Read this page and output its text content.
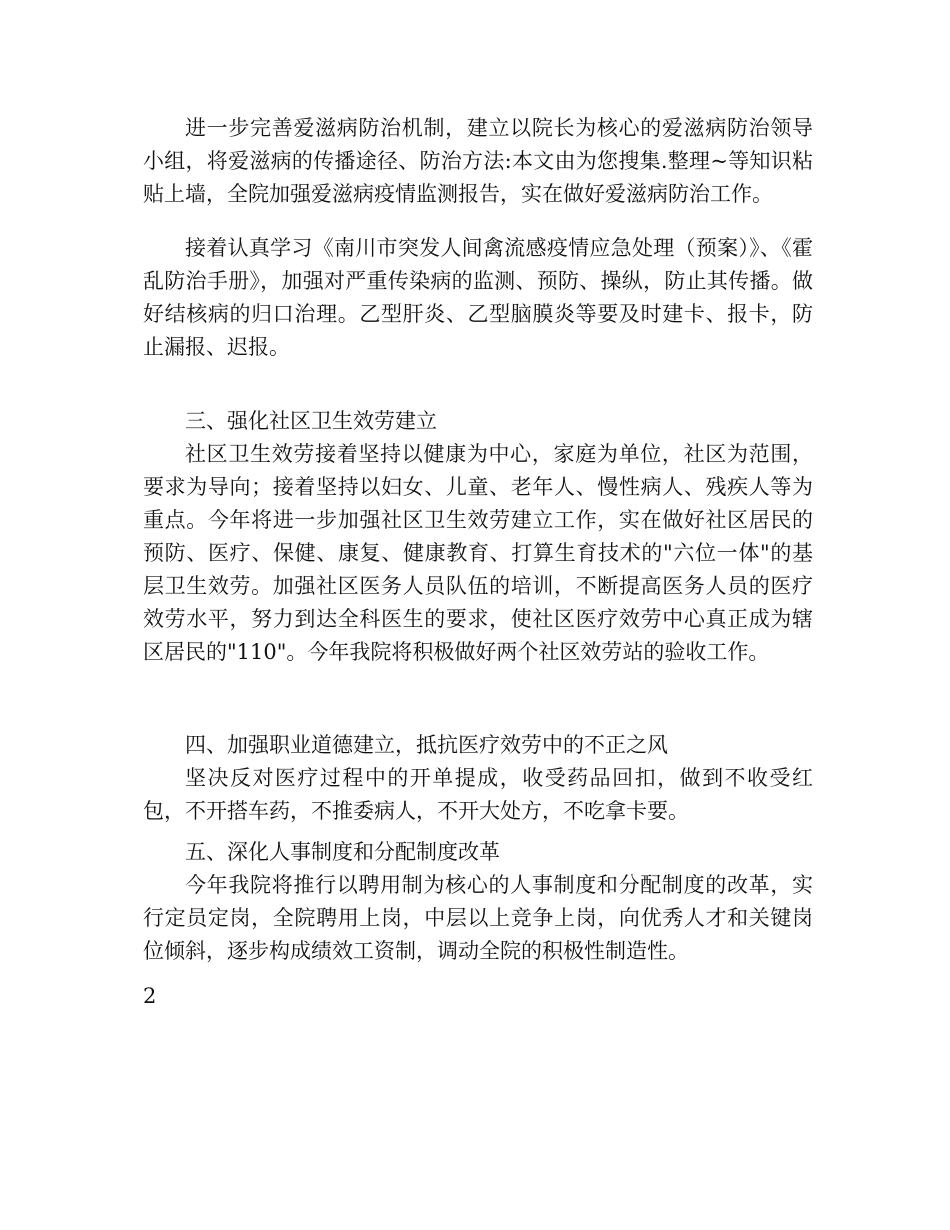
进一步完善爱滋病防治机制，建立以院长为核心的爱滋病防治领导小组，将爱滋病的传播途径、防治方法:本文由为您搜集.整理~等知识粘贴上墙，全院加强爱滋病疫情监测报告，实在做好爱滋病防治工作。

接着认真学习《南川市突发人间禽流感疫情应急处理（预案）》、《霍乱防治手册》，加强对严重传染病的监测、预防、操纵，防止其传播。做好结核病的归口治理。乙型肝炎、乙型脑膜炎等要及时建卡、报卡，防止漏报、迟报。

三、强化社区卫生效劳建立

社区卫生效劳接着坚持以健康为中心，家庭为单位，社区为范围，要求为导向；接着坚持以妇女、儿童、老年人、慢性病人、残疾人等为重点。今年将进一步加强社区卫生效劳建立工作，实在做好社区居民的预防、医疗、保健、康复、健康教育、打算生育技术的"六位一体"的基层卫生效劳。加强社区医务人员队伍的培训，不断提高医务人员的医疗效劳水平，努力到达全科医生的要求，使社区医疗效劳中心真正成为辖区居民的"110"。今年我院将积极做好两个社区效劳站的验收工作。

四、加强职业道德建立，抵抗医疗效劳中的不正之风

坚决反对医疗过程中的开单提成，收受药品回扣，做到不收受红包，不开搭车药，不推委病人，不开大处方，不吃拿卡要。

五、深化人事制度和分配制度改革

今年我院将推行以聘用制为核心的人事制度和分配制度的改革，实行定员定岗，全院聘用上岗，中层以上竞争上岗，向优秀人才和关键岗位倾斜，逐步构成绩效工资制，调动全院的积极性制造性。

2
